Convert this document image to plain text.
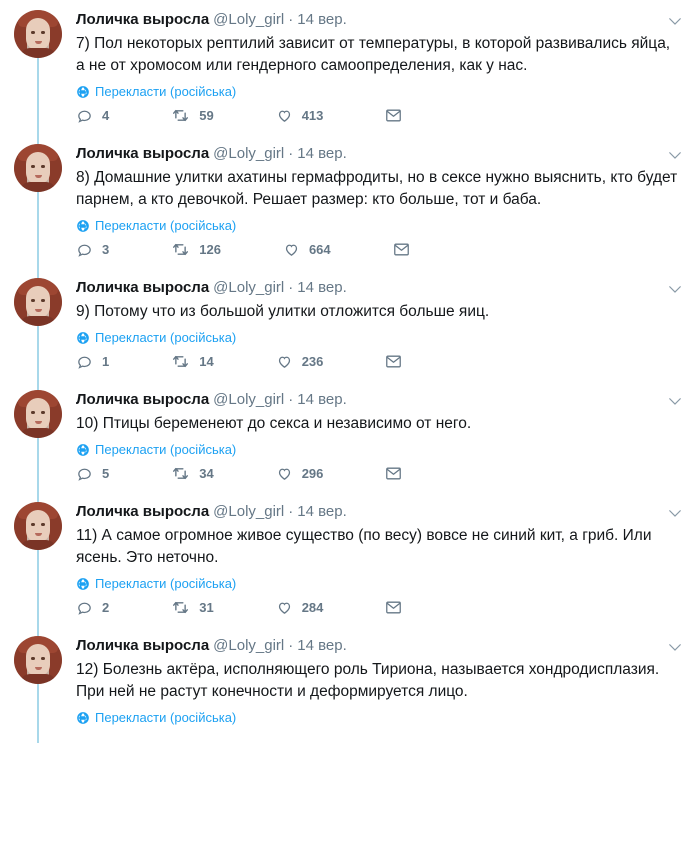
Лоличка выросла @Loly_girl · 14 вер.
7) Пол некоторых рептилий зависит от температуры, в которой развивались яйца, а не от хромосом или гендерного самоопределения, как у нас.
Перекласти (російська)
4	59	413
Лоличка выросла @Loly_girl · 14 вер.
8) Домашние улитки ахатины гермафродиты, но в сексе нужно выяснить, кто будет парнем, а кто девочкой. Решает размер: кто больше, тот и баба.
Перекласти (російська)
3	126	664
Лоличка выросла @Loly_girl · 14 вер.
9) Потому что из большой улитки отложится больше яиц.
Перекласти (російська)
1	14	236
Лоличка выросла @Loly_girl · 14 вер.
10) Птицы беременеют до секса и независимо от него.
Перекласти (російська)
5	34	296
Лоличка выросла @Loly_girl · 14 вер.
11) А самое огромное живое существо (по весу) вовсе не синий кит, а гриб. Или ясень. Это неточно.
Перекласти (російська)
2	31	284
Лоличка выросла @Loly_girl · 14 вер.
12) Болезнь актёра, исполняющего роль Тириона, называется хондродисплазия. При ней не растут конечности и деформируется лицо.
Перекласти (російська)
